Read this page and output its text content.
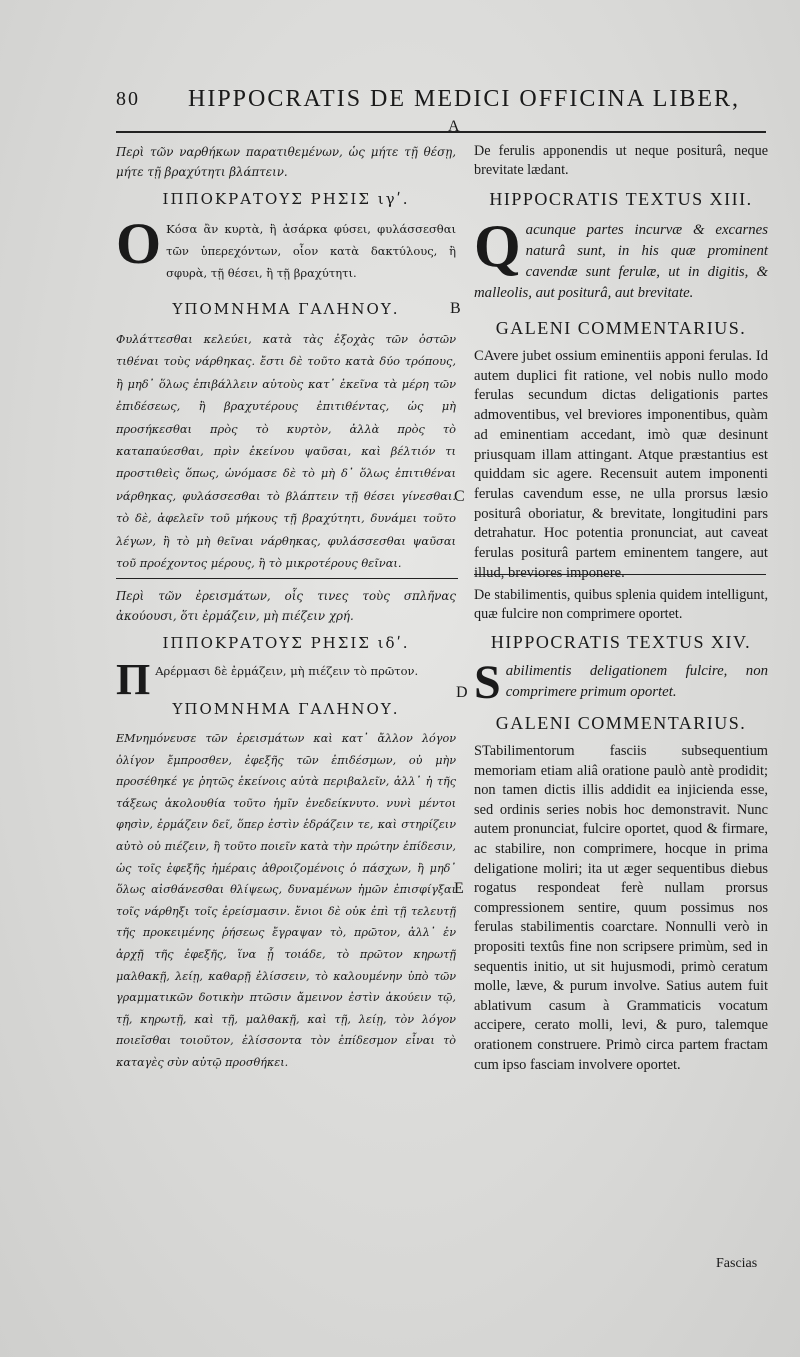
80 HIPPOCRATIS DE MEDICI OFFICINA LIBER,
A
B
C
D
E

Περὶ τῶν ναρθήκων παρατιθεμένων, ὡς μήτε τῇ θέσῃ, μήτε τῇ βραχύτητι βλάπτειν.

ΙΠΠΟΚΡΑΤΟΥΣ ΡΗΣΙΣ ιγʹ.

Ο Κόσα ἂν κυρτὰ, ἢ ἀσάρκα φύσει, φυλάσσεσθαι τῶν ὑπερεχόντων, οἷον κατὰ δακτύλους, ἢ σφυρὰ, τῇ θέσει, ἢ τῇ βραχύτητι.

ΥΠΟΜΝΗΜΑ ΓΑΛΗΝΟΥ.

Φυλάττεσθαι κελεύει, κατὰ τὰς ἐξοχὰς τῶν ὀστῶν τιθέναι τοὺς νάρθηκας. ἔστι δὲ τοῦτο κατὰ δύο τρόπους, ἢ μηδ᾽ ὅλως ἐπιβάλλειν αὐτοὺς κατ᾽ ἐκεῖνα τὰ μέρη τῶν ἐπιδέσεως, ἢ βραχυτέρους ἐπιτιθέντας, ὡς μὴ προσήκεσθαι πρὸς τὸ κυρτὸν, ἀλλὰ πρὸς τὸ καταπαύεσθαι, πρὶν ἐκείνου ψαῦσαι, καὶ βέλτιόν τι προστιθεὶς ὅπως, ὠνόμασε δὲ τὸ μὴ δ᾽ ὅλως ἐπιτιθέναι νάρθηκας, φυλάσσεσθαι τὸ βλάπτειν τῇ θέσει γίνεσθαι. τὸ δὲ, ἀφελεῖν τοῦ μήκους τῇ βραχύτητι, δυνάμει τοῦτο λέγων, ἢ τὸ μὴ θεῖναι νάρθηκας, φυλάσσεσθαι ψαῦσαι τοῦ προέχοντος μέρους, ἢ τὸ μικροτέρους θεῖναι.

De ferulis apponendis ut neque positurâ, neque brevitate lædant.

HIPPOCRATIS TEXTUS XIII.

Q acunque partes incurvæ & excarnes naturâ sunt, in his quæ prominent cavendæ sunt ferulæ, ut in digitis, & malleolis, aut positurâ, aut brevitate.

GALENI COMMENTARIUS.

CAvere jubet ossium eminentiis apponi ferulas. Id autem duplici fit ratione, vel nobis nullo modo ferulas secundum dictas deligationis partes admoventibus, vel breviores imponentibus, quàm ad eminentiam accedant, imò quæ desinunt priusquam illam attingant. Atque præstantius est quiddam sic agere. Recensuit autem imponenti ferulas cavendum esse, ne ulla prorsus læsio positurâ oboriatur, & brevitate, longitudini pars detrahatur. Hoc potentia pronunciat, aut caveat ferulas positurâ partem eminentem tangere, aut illud, breviores imponere.

Περὶ τῶν ἐρεισμάτων, οἷς τινες τοὺς σπλῆνας ἀκούουσι, ὅτι ἐρμάζειν, μὴ πιέζειν χρή.

ΙΠΠΟΚΡΑΤΟΥΣ ΡΗΣΙΣ ιδʹ.

Π Αρέρμασι δὲ ἐρμάζειν, μὴ πιέζειν τὸ πρῶτον.

ΥΠΟΜΝΗΜΑ ΓΑΛΗΝΟΥ.

ΕΜνημόνευσε τῶν ἐρεισμάτων καὶ κατ᾽ ἄλλον λόγον ὀλίγον ἔμπροσθεν, ἐφεξῆς τῶν ἐπιδέσμων, οὐ μὴν προσέθηκέ γε ῥητῶς ἐκείνοις αὐτὰ περιβαλεῖν, ἀλλ᾽ ἡ τῆς τάξεως ἀκολουθία τοῦτο ἡμῖν ἐνεδείκνυτο. νυνὶ μέντοι φησὶν, ἐρμάζειν δεῖ, ὅπερ ἐστὶν ἑδράζειν τε, καὶ στηρίζειν αὐτὸ οὐ πιέζειν, ἢ τοῦτο ποιεῖν κατὰ τὴν πρώτην ἐπίδεσιν, ὡς τοῖς ἐφεξῆς ἡμέραις ἀθροιζομένοις ὁ πάσχων, ἢ μηδ᾽ ὅλως αἰσθάνεσθαι θλίψεως, δυναμένων ἡμῶν ἐπισφίγξαι τοῖς νάρθηξι τοῖς ἐρείσμασιν. ἔνιοι δὲ οὐκ ἐπὶ τῇ τελευτῇ τῆς προκειμένης ῥήσεως ἔγραψαν τὸ, πρῶτον, ἀλλ᾽ ἐν ἀρχῇ τῆς ἐφεξῆς, ἵνα ᾖ τοιάδε, τὸ πρῶτον κηρωτῇ μαλθακῇ, λείῃ, καθαρῇ ἑλίσσειν, τὸ καλουμένην ὑπὸ τῶν γραμματικῶν δοτικὴν πτῶσιν ἄμεινον ἐστὶν ἀκούειν τῷ, τῇ, κηρωτῇ, καὶ τῇ, μαλθακῇ, καὶ τῇ, λείῃ, τὸν λόγον ποιεῖσθαι τοιοῦτον, ἑλίσσοντα τὸν ἐπίδεσμον εἶναι τὸ καταγὲς σὺν αὐτῷ προσθήκει.

De stabilimentis, quibus splenia quidem intelligunt, quæ fulcire non comprimere oportet.

HIPPOCRATIS TEXTUS XIV.

S abilimentis deligationem fulcire, non comprimere primum oportet.

GALENI COMMENTARIUS.

STabilimentorum fasciis subsequentium memoriam etiam aliâ oratione paulò antè prodidit; non tamen dictis illis addidit ea injicienda esse, sed ordinis series nobis hoc demonstravit. Nunc autem pronunciat, fulcire oportet, quod & firmare, ac stabilire, non comprimere, hocque in prima deligatione moliri; ita ut æger sequentibus diebus rogatus respondeat ferè nullam prorsus compressionem sentire, quum possimus nos ferulas stabilimentis coarctare. Nonnulli verò in propositi textûs fine non scripsere primùm, sed in sequentis initio, ut sit hujusmodi, primò ceratum molle, læve, & purum involve. Satius autem fuit ablativum casum à Grammaticis vocatum accipere, cerato molli, levi, & puro, talemque orationem construere. Primò circa partem fractam cum ipso fasciam involvere oportet.

Fascias
